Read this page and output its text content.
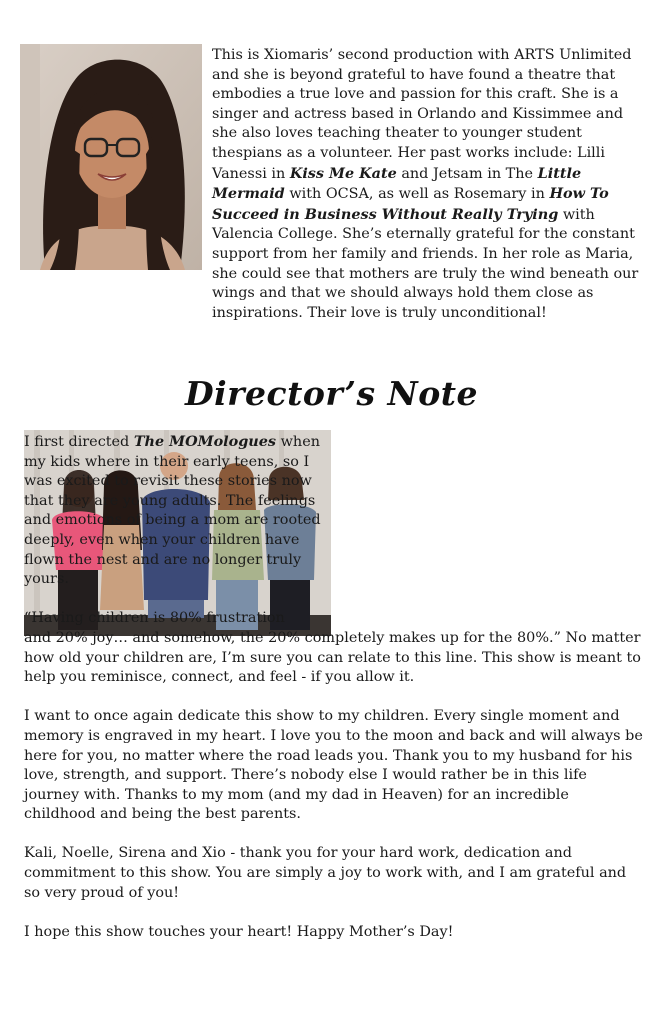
This is Xiomaris’ second production with ARTS Unlimited and she is beyond grateful to have found a theatre that embodies a true love and passion for this craft. She is a singer and actress based in Orlando and Kissimmee and she also loves teaching theater to younger student thespians as a volunteer. Her past works include: Lilli Vanessi in Kiss Me Kate and Jetsam in The Little Mermaid with OCSA, as well as Rosemary in How To Succeed in Business Without Really Trying with Valencia College. She’s eternally grateful for the constant support from her family and friends. In her role as Maria, she could see that mothers are truly the wind beneath our wings and that we should always hold them close as inspirations. Their love is truly unconditional!

Director’s Note

I first directed The MOMologues when my kids where in their early teens, so I was excited to revisit these stories now that they are young adults. The feelings and emotions of being a mom are rooted deeply, even when your children have flown the nest and are no longer truly yours.

“Having children is 80% frustration

and 20% joy… and somehow, the 20% completely makes up for the 80%.” No matter how old your children are, I’m sure you can relate to this line. This show is meant to help you reminisce, connect, and feel - if you allow it.

I want to once again dedicate this show to my children. Every single moment and memory is engraved in my heart. I love you to the moon and back and will always be here for you, no matter where the road leads you. Thank you to my husband for his love, strength, and support. There’s nobody else I would rather be in this life journey with. Thanks to my mom (and my dad in Heaven) for an incredible childhood and being the best parents.

Kali, Noelle, Sirena and Xio - thank you for your hard work, dedication and commitment to this show. You are simply a joy to work with, and I am grateful and so very proud of you!

I hope this show touches your heart! Happy Mother’s Day!
